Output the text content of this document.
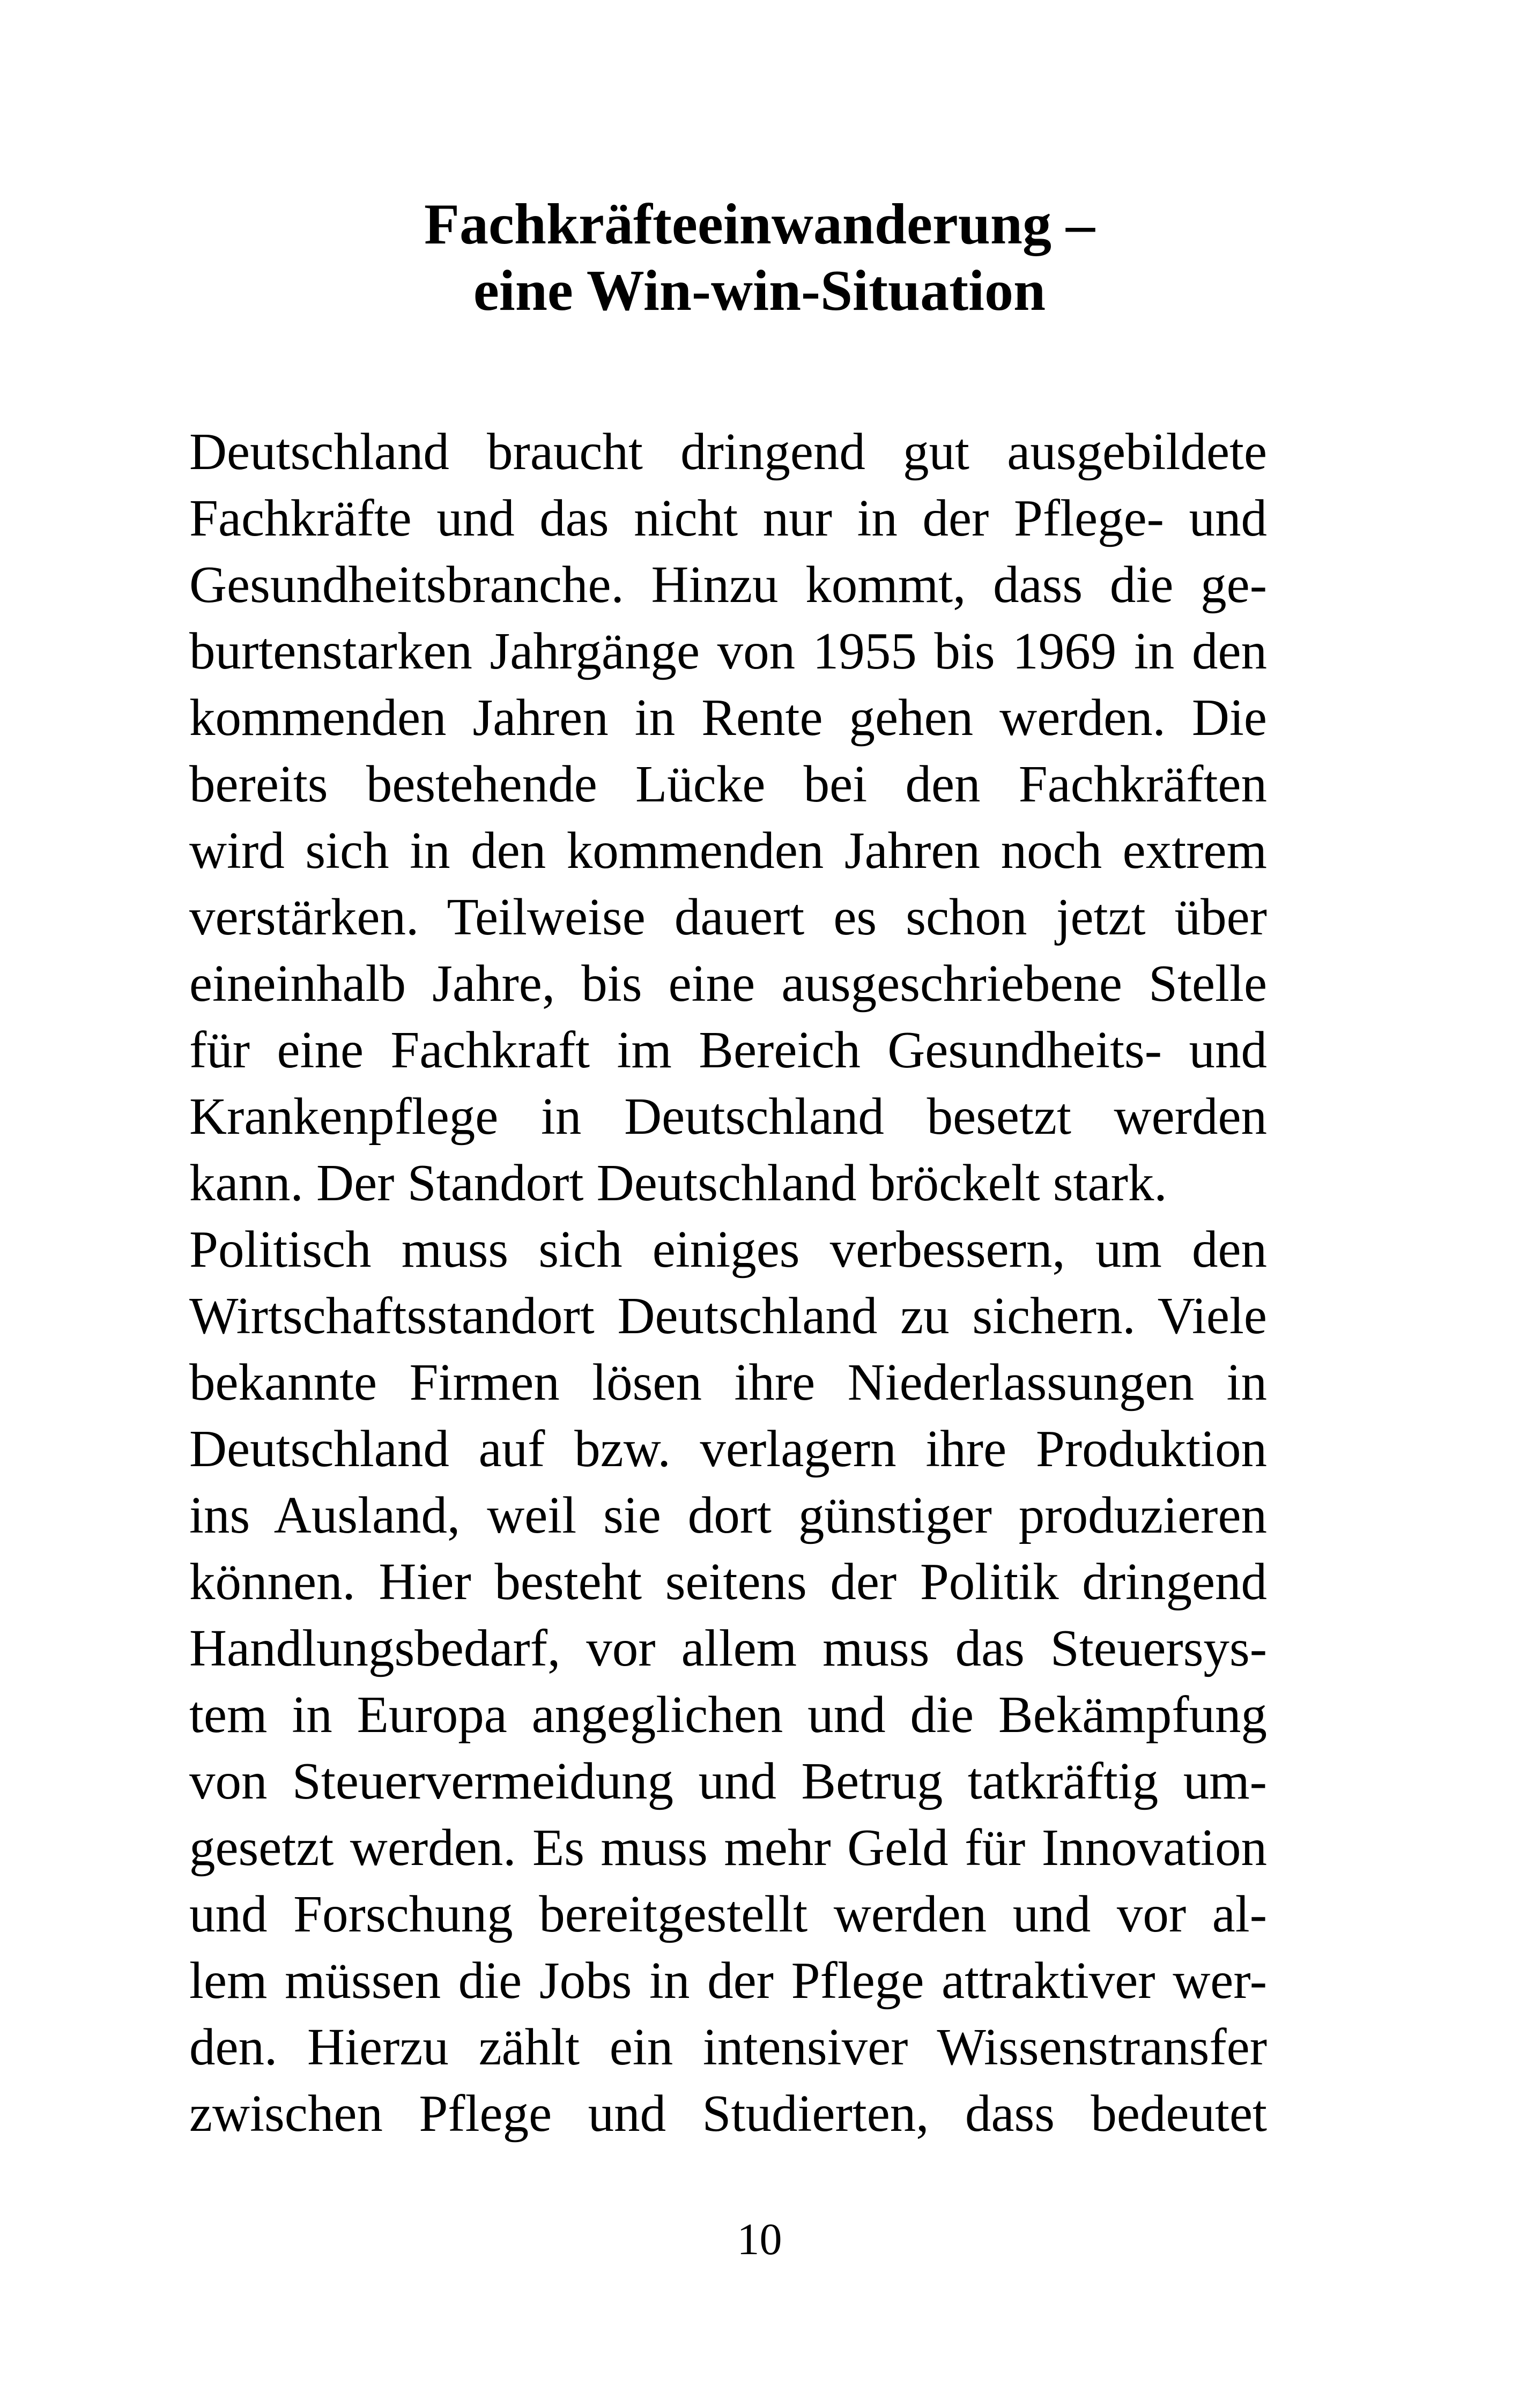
Fachkräfteeinwanderung –
eine Win-win-Situation
Deutschland braucht dringend gut ausgebildete
Fachkräfte und das nicht nur in der Pflege- und
Gesundheitsbranche. Hinzu kommt, dass die ge-
burtenstarken Jahrgänge von 1955 bis 1969 in den
kommenden Jahren in Rente gehen werden. Die
bereits bestehende Lücke bei den Fachkräften
wird sich in den kommenden Jahren noch extrem
verstärken. Teilweise dauert es schon jetzt über
eineinhalb Jahre, bis eine ausgeschriebene Stelle
für eine Fachkraft im Bereich Gesundheits- und
Krankenpflege in Deutschland besetzt werden
kann. Der Standort Deutschland bröckelt stark.
Politisch muss sich einiges verbessern, um den
Wirtschaftsstandort Deutschland zu sichern. Viele
bekannte Firmen lösen ihre Niederlassungen in
Deutschland auf bzw. verlagern ihre Produktion
ins Ausland, weil sie dort günstiger produzieren
können. Hier besteht seitens der Politik dringend
Handlungsbedarf, vor allem muss das Steuersys-
tem in Europa angeglichen und die Bekämpfung
von Steuervermeidung und Betrug tatkräftig um-
gesetzt werden. Es muss mehr Geld für Innovation
und Forschung bereitgestellt werden und vor al-
lem müssen die Jobs in der Pflege attraktiver wer-
den. Hierzu zählt ein intensiver Wissenstransfer
zwischen Pflege und Studierten, dass bedeutet
10
